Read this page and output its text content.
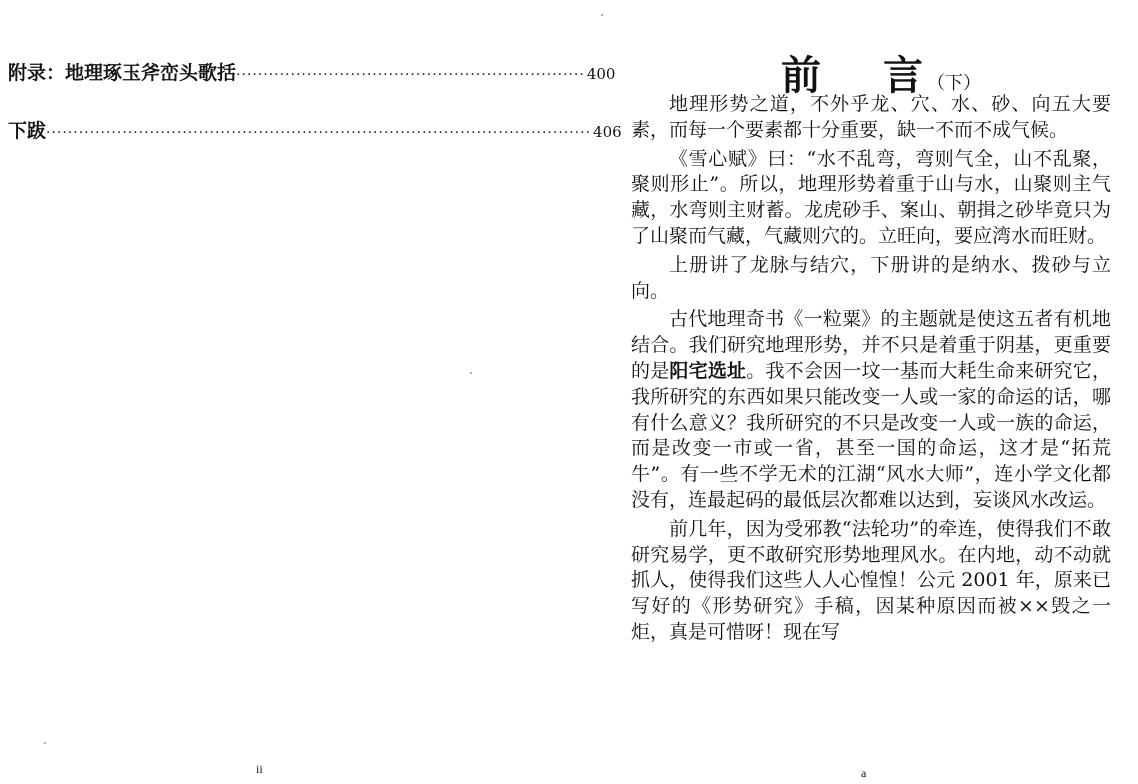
附录：地理琢玉斧峦头歌括 ································································ 400
下跋 ···································································································· 406
ii
前 言 （下）

地理形势之道，不外乎龙、穴、水、砂、向五大要素，而每一个要素都十分重要，缺一不而不成气候。

《雪心赋》曰：“水不乱弯，弯则气全，山不乱聚，聚则形止”。所以，地理形势着重于山与水，山聚则主气藏，水弯则主财蓄。龙虎砂手、案山、朝揖之砂毕竟只为了山聚而气藏，气藏则穴的。立旺向，要应湾水而旺财。

上册讲了龙脉与结穴，下册讲的是纳水、拨砂与立向。

古代地理奇书《一粒粟》的主题就是使这五者有机地结合。我们研究地理形势，并不只是着重于阴基，更重要的是阳宅选址。我不会因一坟一基而大耗生命来研究它，我所研究的东西如果只能改变一人或一家的命运的话，哪有什么意义？我所研究的不只是改变一人或一族的命运，而是改变一市或一省，甚至一国的命运，这才是“拓荒牛”。有一些不学无术的江湖“风水大师”，连小学文化都没有，连最起码的最低层次都难以达到，妄谈风水改运。

前几年，因为受邪教“法轮功”的牵连，使得我们不敢研究易学，更不敢研究形势地理风水。在内地，动不动就抓人，使得我们这些人人心惶惶！公元 2001 年，原来已写好的《形势研究》手稿，因某种原因而被××毁之一炬，真是可惜呀！现在写

a
